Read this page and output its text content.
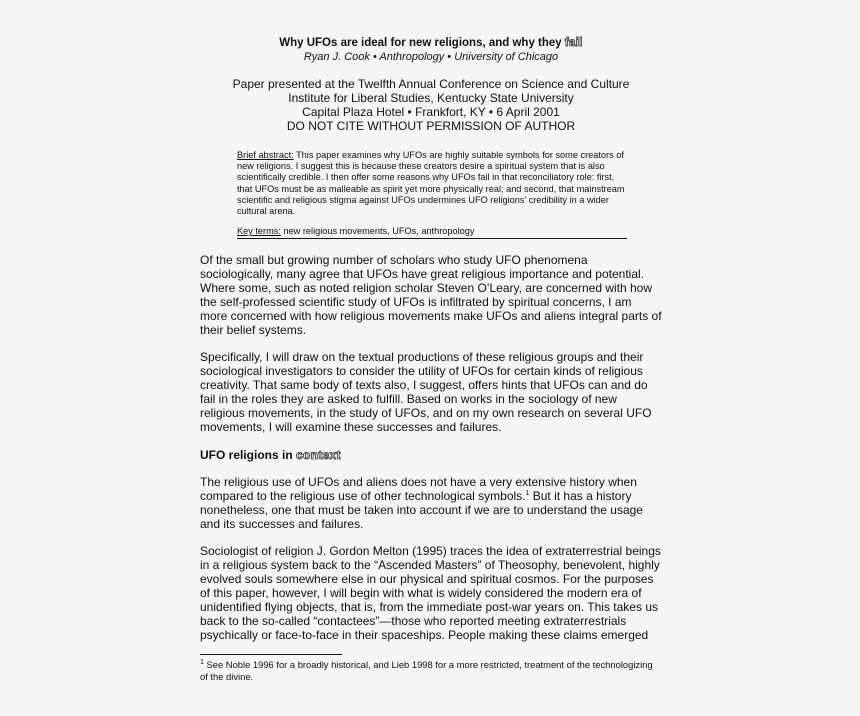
Why UFOs are ideal for new religions, and why they fail
Ryan J. Cook • Anthropology • University of Chicago
Paper presented at the Twelfth Annual Conference on Science and Culture
Institute for Liberal Studies, Kentucky State University
Capital Plaza Hotel • Frankfort, KY • 6 April 2001
DO NOT CITE WITHOUT PERMISSION OF AUTHOR
Brief abstract: This paper examines why UFOs are highly suitable symbols for some creators of new religions. I suggest this is because these creators desire a spiritual system that is also scientifically credible. I then offer some reasons why UFOs fail in that reconciliatory role: first, that UFOs must be as malleable as spirit yet more physically real; and second, that mainstream scientific and religious stigma against UFOs undermines UFO religions’ credibility in a wider cultural arena.
Key terms: new religious movements, UFOs, anthropology
Of the small but growing number of scholars who study UFO phenomena sociologically, many agree that UFOs have great religious importance and potential. Where some, such as noted religion scholar Steven O’Leary, are concerned with how the self-professed scientific study of UFOs is infiltrated by spiritual concerns, I am more concerned with how religious movements make UFOs and aliens integral parts of their belief systems.
Specifically, I will draw on the textual productions of these religious groups and their sociological investigators to consider the utility of UFOs for certain kinds of religious creativity. That same body of texts also, I suggest, offers hints that UFOs can and do fail in the roles they are asked to fulfill. Based on works in the sociology of new religious movements, in the study of UFOs, and on my own research on several UFO movements, I will examine these successes and failures.
UFO religions in context
The religious use of UFOs and aliens does not have a very extensive history when compared to the religious use of other technological symbols.$^1$ But it has a history nonetheless, one that must be taken into account if we are to understand the usage and its successes and failures.
Sociologist of religion J. Gordon Melton (1995) traces the idea of extraterrestrial beings in a religious system back to the “Ascended Masters” of Theosophy, benevolent, highly evolved souls somewhere else in our physical and spiritual cosmos. For the purposes of this paper, however, I will begin with what is widely considered the modern era of unidentified flying objects, that is, from the immediate post-war years on. This takes us back to the so-called “contactees”—those who reported meeting extraterrestrials psychically or face-to-face in their spaceships. People making these claims emerged
$^1$ See Noble 1996 for a broadly historical, and Lieb 1998 for a more restricted, treatment of the technologizing of the divine.
